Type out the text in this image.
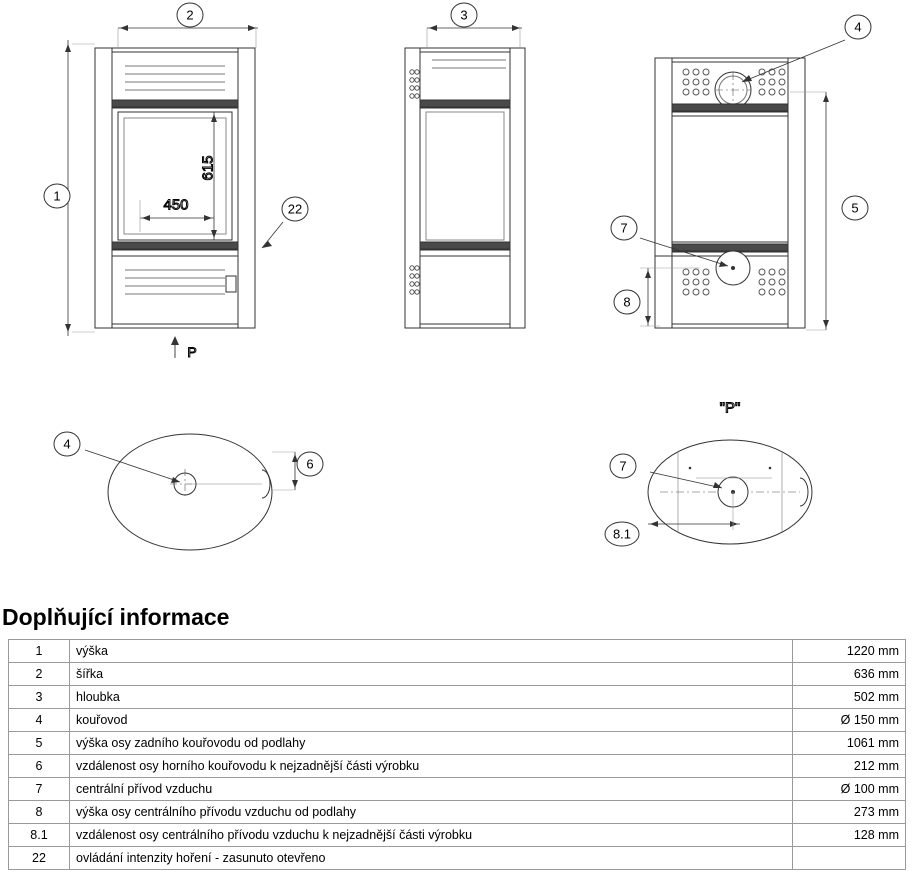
615
450
P
"P"
1
2	3
4
5
7
8
22
4
6	7
8.1
Doplňující informace
1	výška	1220 mm
2	šířka	636 mm
3	hloubka	502 mm
4	kouřovod	Ø 150 mm
5	výška osy zadního kouřovodu od podlahy	1061 mm
6	vzdálenost osy horního kouřovodu k nejzadnější části výrobku	212 mm
7	centrální přívod vzduchu	Ø 100 mm
8	výška osy centrálního přívodu vzduchu od podlahy	273 mm
8.1	vzdálenost osy centrálního přívodu vzduchu k nejzadnější části výrobku	128 mm
22	ovládání intenzity hoření - zasunuto otevřeno	
